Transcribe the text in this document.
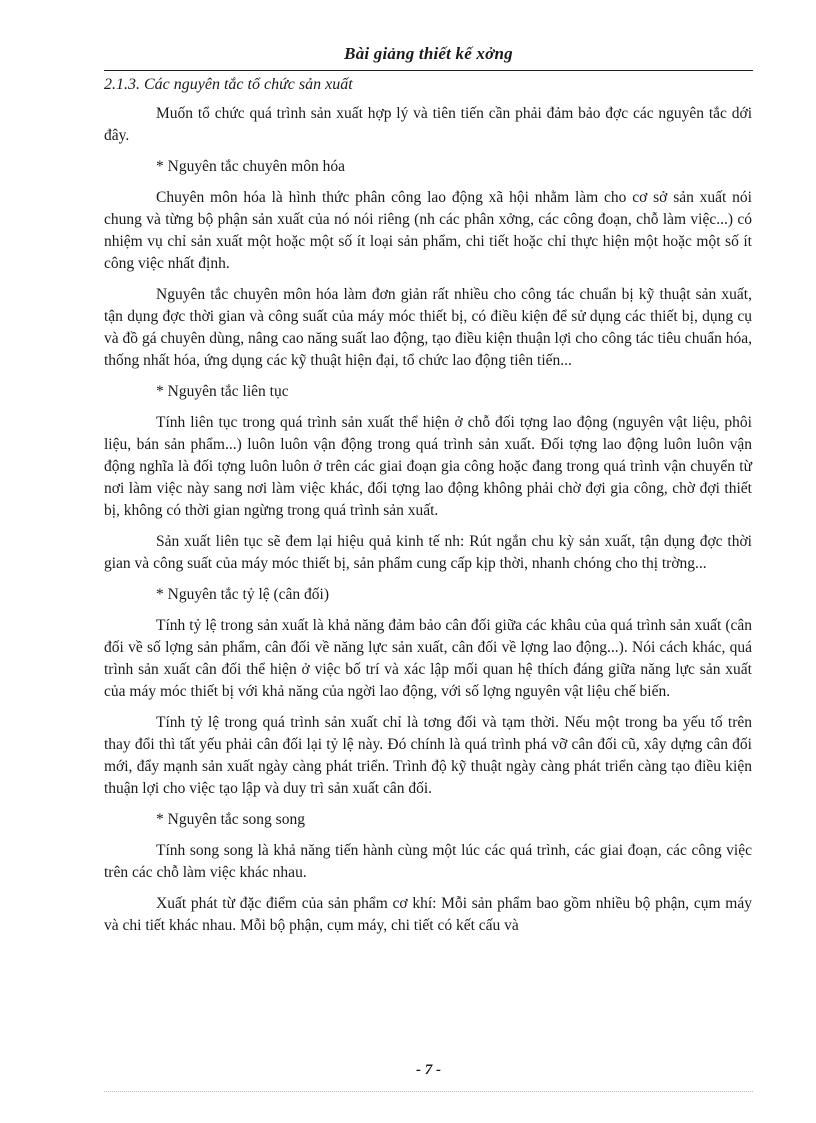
Bài giảng thiết kế xởng
2.1.3. Các nguyên tắc tổ chức sản xuất

Muốn tổ chức quá trình sản xuất hợp lý và tiên tiến cần phải đảm bảo đợc các nguyên tắc dới đây.

* Nguyên tắc chuyên môn hóa

Chuyên môn hóa là hình thức phân công lao động xã hội nhằm làm cho cơ sở sản xuất nói chung và từng bộ phận sản xuất của nó nói riêng (nh các phân xởng, các công đoạn, chỗ làm việc...) có nhiệm vụ chỉ sản xuất một hoặc một số ít loại sản phẩm, chi tiết hoặc chỉ thực hiện một hoặc một số ít công việc nhất định.

Nguyên tắc chuyên môn hóa làm đơn giản rất nhiều cho công tác chuẩn bị kỹ thuật sản xuất, tận dụng đợc thời gian và công suất của máy móc thiết bị, có điều kiện để sử dụng các thiết bị, dụng cụ và đồ gá chuyên dùng, nâng cao năng suất lao động, tạo điều kiện thuận lợi cho công tác tiêu chuẩn hóa, thống nhất hóa, ứng dụng các kỹ thuật hiện đại, tổ chức lao động tiên tiến...

* Nguyên tắc liên tục

Tính liên tục trong quá trình sản xuất thể hiện ở chỗ đối tợng lao động (nguyên vật liệu, phôi liệu, bán sản phẩm...) luôn luôn vận động trong quá trình sản xuất. Đối tợng lao động luôn luôn vận động nghĩa là đối tợng luôn luôn ở trên các giai đoạn gia công hoặc đang trong quá trình vận chuyển từ nơi làm việc này sang nơi làm việc khác, đối tợng lao động không phải chờ đợi gia công, chờ đợi thiết bị, không có thời gian ngừng trong quá trình sản xuất.

Sản xuất liên tục sẽ đem lại hiệu quả kinh tế nh: Rút ngắn chu kỳ sản xuất, tận dụng đợc thời gian và công suất của máy móc thiết bị, sản phẩm cung cấp kịp thời, nhanh chóng cho thị trờng...

* Nguyên tắc tỷ lệ (cân đối)

Tính tỷ lệ trong sản xuất là khả năng đảm bảo cân đối giữa các khâu của quá trình sản xuất (cân đối về số lợng sản phẩm, cân đối về năng lực sản xuất, cân đối về lợng lao động...). Nói cách khác, quá trình sản xuất cân đối thể hiện ở việc bố trí và xác lập mối quan hệ thích đáng giữa năng lực sản xuất của máy móc thiết bị với khả năng của ngời lao động, với số lợng nguyên vật liệu chế biến.

Tính tỷ lệ trong quá trình sản xuất chỉ là tơng đối và tạm thời. Nếu một trong ba yếu tố trên thay đổi thì tất yếu phải cân đối lại tỷ lệ này. Đó chính là quá trình phá vỡ cân đối cũ, xây dựng cân đối mới, đẩy mạnh sản xuất ngày càng phát triển. Trình độ kỹ thuật ngày càng phát triển càng tạo điều kiện thuận lợi cho việc tạo lập và duy trì sản xuất cân đối.

* Nguyên tắc song song

Tính song song là khả năng tiến hành cùng một lúc các quá trình, các giai đoạn, các công việc trên các chỗ làm việc khác nhau.

Xuất phát từ đặc điểm của sản phẩm cơ khí: Mỗi sản phẩm bao gồm nhiều bộ phận, cụm máy và chi tiết khác nhau. Mỗi bộ phận, cụm máy, chi tiết có kết cấu và

- 7 -
